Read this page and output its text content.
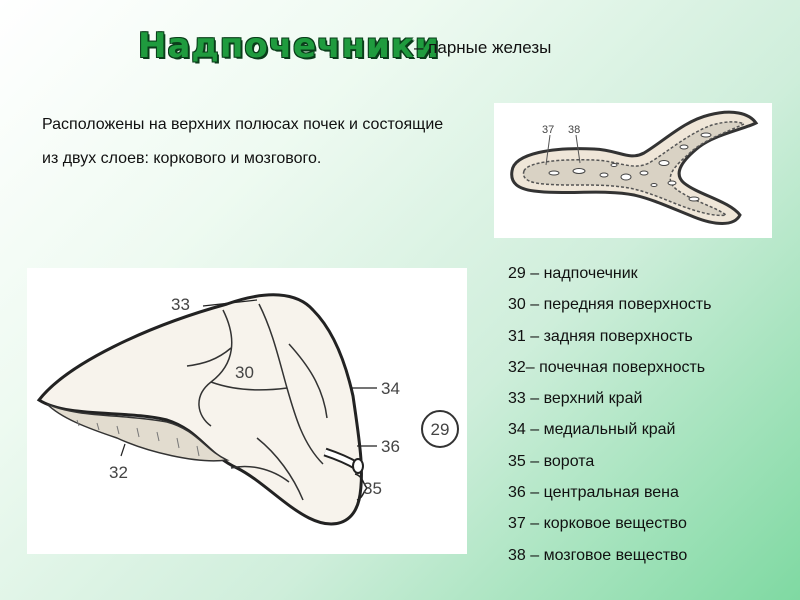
Надпочечники
– парные железы

Расположены на верхних полюсах почек и состоящие из двух слоев: коркового и мозгового.

37 38
33
30
34
36
35
32
29
29 – надпочечник
30 – передняя поверхность
31 – задняя поверхность
32– почечная поверхность
33 – верхний край
34 – медиальный край
35 – ворота
36 – центральная вена
37 – корковое вещество
38 – мозговое вещество
